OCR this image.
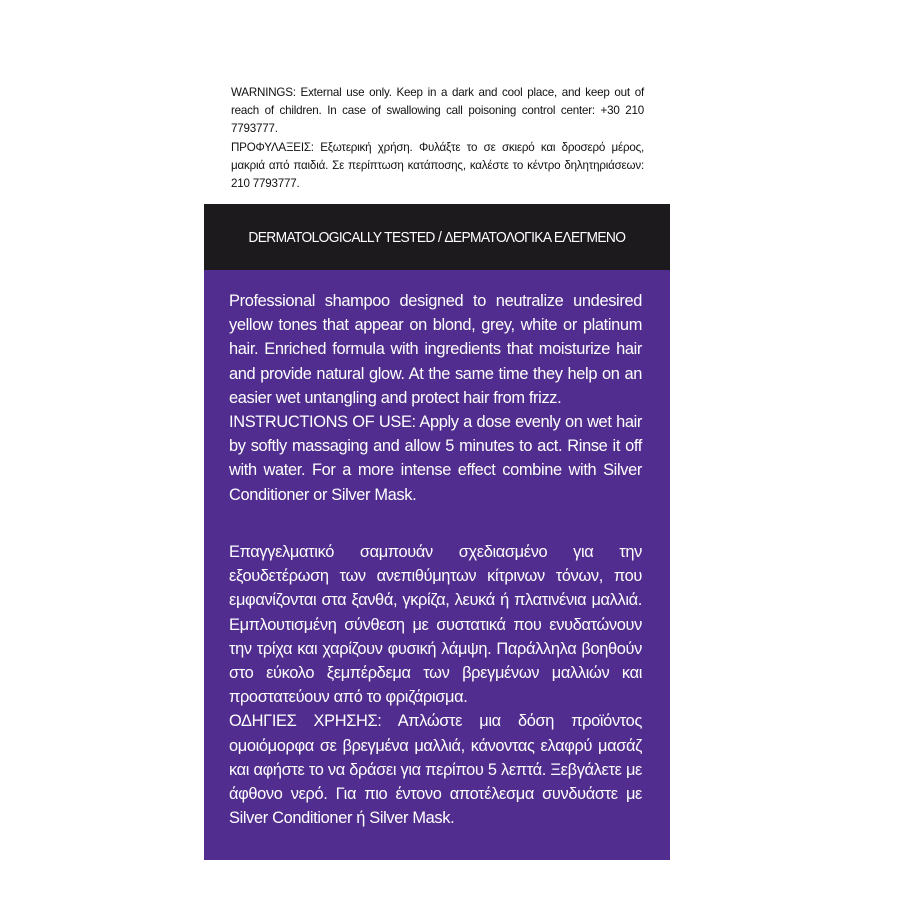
WARNINGS: External use only. Keep in a dark and cool place, and keep out of reach of children. In case of swallowing call poisoning control center: +30 210 7793777.

ΠΡΟΦΥΛΑΞΕΙΣ: Εξωτερική χρήση. Φυλάξτε το σε σκιερό και δροσερό μέρος, μακριά από παιδιά. Σε περίπτωση κατάποσης, καλέστε το κέντρο δηλητηριάσεων: 210 7793777.

DERMATOLOGICALLY TESTED / ΔΕΡΜΑΤΟΛΟΓΙΚΑ ΕΛΕΓΜΕΝΟ

Professional shampoo designed to neutralize undesired yellow tones that appear on blond, grey, white or platinum hair. Enriched formula with ingredients that moisturize hair and provide natural glow. At the same time they help on an easier wet untangling and protect hair from frizz.

INSTRUCTIONS OF USE: Apply a dose evenly on wet hair by softly massaging and allow 5 minutes to act. Rinse it off with water. For a more intense effect combine with Silver Conditioner or Silver Mask.

Επαγγελματικό σαμπουάν σχεδιασμένο για την εξουδετέρωση των ανεπιθύμητων κίτρινων τόνων, που εμφανίζονται στα ξανθά, γκρίζα, λευκά ή πλατινένια μαλλιά. Εμπλουτισμένη σύνθεση με συστατικά που ενυδατώνουν την τρίχα και χαρίζουν φυσική λάμψη. Παράλληλα βοηθούν στο εύκολο ξεμπέρδεμα των βρεγμένων μαλλιών και προστατεύουν από το φριζάρισμα.

ΟΔΗΓΙΕΣ ΧΡΗΣΗΣ: Απλώστε μια δόση προϊόντος ομοιόμορφα σε βρεγμένα μαλλιά, κάνοντας ελαφρύ μασάζ και αφήστε το να δράσει για περίπου 5 λεπτά. Ξεβγάλετε με άφθονο νερό. Για πιο έντονο αποτέλεσμα συνδυάστε με Silver Conditioner ή Silver Mask.
